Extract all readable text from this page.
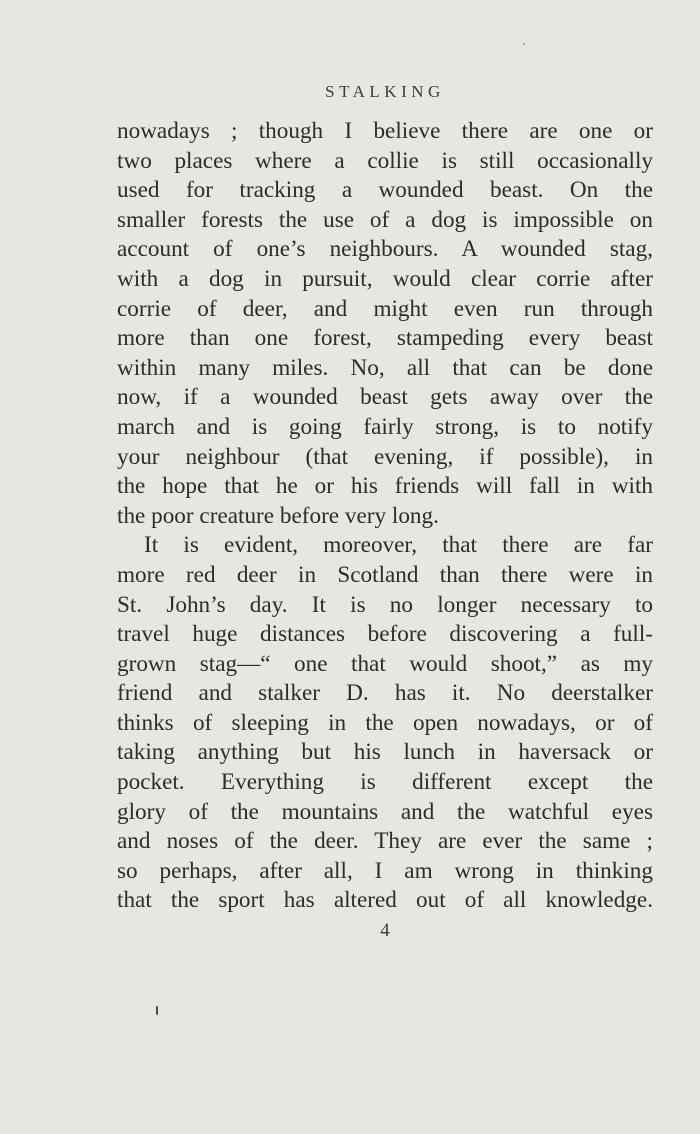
STALKING
nowadays ; though I believe there are one or
two places where a collie is still occasionally
used for tracking a wounded beast. On the
smaller forests the use of a dog is impossible on
account of one’s neighbours. A wounded stag,
with a dog in pursuit, would clear corrie after
corrie of deer, and might even run through
more than one forest, stampeding every beast
within many miles. No, all that can be done
now, if a wounded beast gets away over the
march and is going fairly strong, is to notify
your neighbour (that evening, if possible), in
the hope that he or his friends will fall in with
the poor creature before very long.
It is evident, moreover, that there are far
more red deer in Scotland than there were in
St. John’s day. It is no longer necessary to
travel huge distances before discovering a full-
grown stag—“ one that would shoot,” as my
friend and stalker D. has it. No deerstalker
thinks of sleeping in the open nowadays, or of
taking anything but his lunch in haversack or
pocket. Everything is different except the
glory of the mountains and the watchful eyes
and noses of the deer. They are ever the same ;
so perhaps, after all, I am wrong in thinking
that the sport has altered out of all knowledge.
4
